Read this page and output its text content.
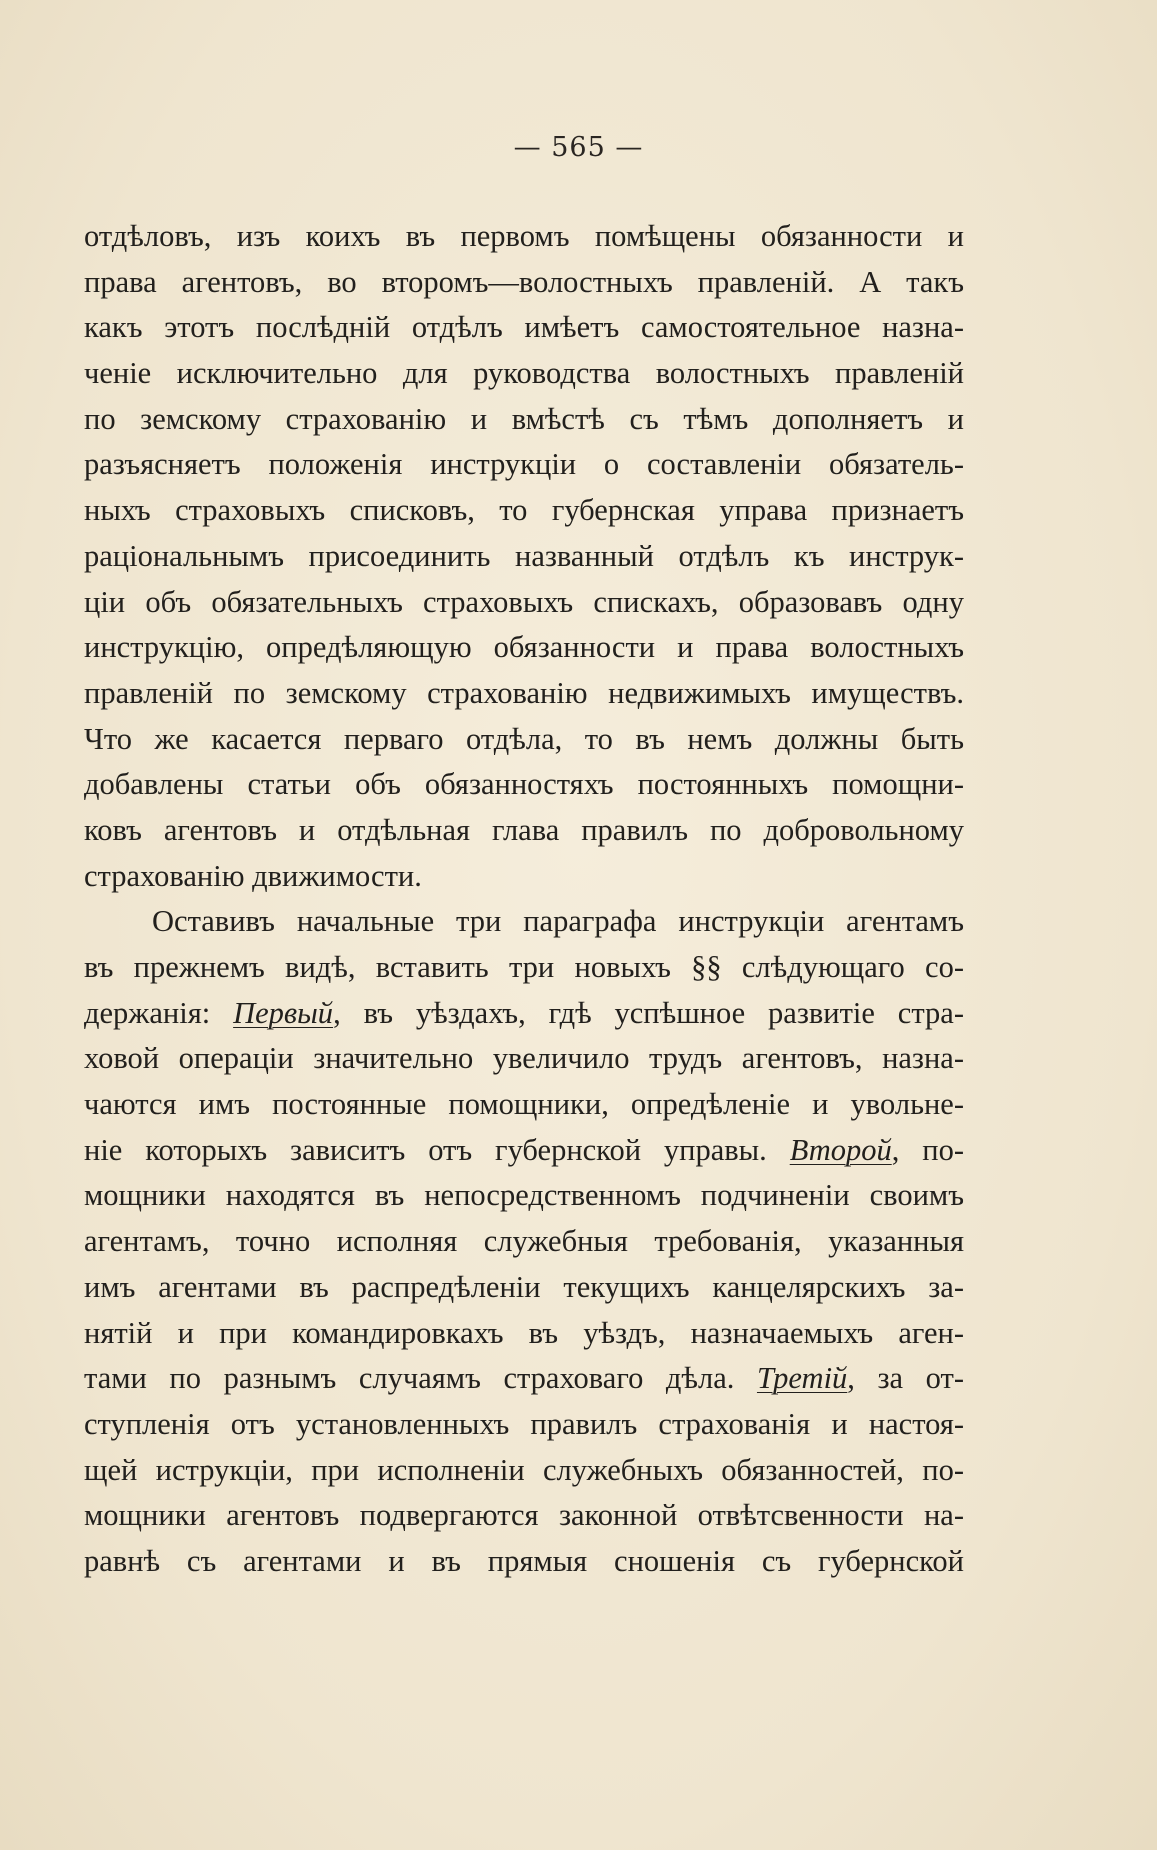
— 565 —
отдѣловъ, изъ коихъ въ первомъ помѣщены обязанности и
права агентовъ, во второмъ—волостныхъ правленій. А такъ
какъ этотъ послѣдній отдѣлъ имѣетъ самостоятельное назна-
ченіе исключительно для руководства волостныхъ правленій
по земскому страхованію и вмѣстѣ съ тѣмъ дополняетъ и
разъясняетъ положенія инструкціи о составленіи обязатель-
ныхъ страховыхъ списковъ, то губернская управа признаетъ
раціональнымъ присоединить названный отдѣлъ къ инструк-
ціи объ обязательныхъ страховыхъ спискахъ, образовавъ одну
инструкцію, опредѣляющую обязанности и права волостныхъ
правленій по земскому страхованію недвижимыхъ имуществъ.
Что же касается перваго отдѣла, то въ немъ должны быть
добавлены статьи объ обязанностяхъ постоянныхъ помощни-
ковъ агентовъ и отдѣльная глава правилъ по добровольному
страхованію движимости.
Оставивъ начальные три параграфа инструкціи агентамъ
въ прежнемъ видѣ, вставить три новыхъ §§ слѣдующаго со-
держанія: Первый, въ уѣздахъ, гдѣ успѣшное развитіе стра-
ховой операціи значительно увеличило трудъ агентовъ, назна-
чаются имъ постоянные помощники, опредѣленіе и увольне-
ніе которыхъ зависитъ отъ губернской управы. Второй, по-
мощники находятся въ непосредственномъ подчиненіи своимъ
агентамъ, точно исполняя служебныя требованія, указанныя
имъ агентами въ распредѣленіи текущихъ канцелярскихъ за-
нятій и при командировкахъ въ уѣздъ, назначаемыхъ аген-
тами по разнымъ случаямъ страховаго дѣла. Третій, за от-
ступленія отъ установленныхъ правилъ страхованія и настоя-
щей иструкціи, при исполненіи служебныхъ обязанностей, по-
мощники агентовъ подвергаются законной отвѣтсвенности на-
равнѣ съ агентами и въ прямыя сношенія съ губернской
